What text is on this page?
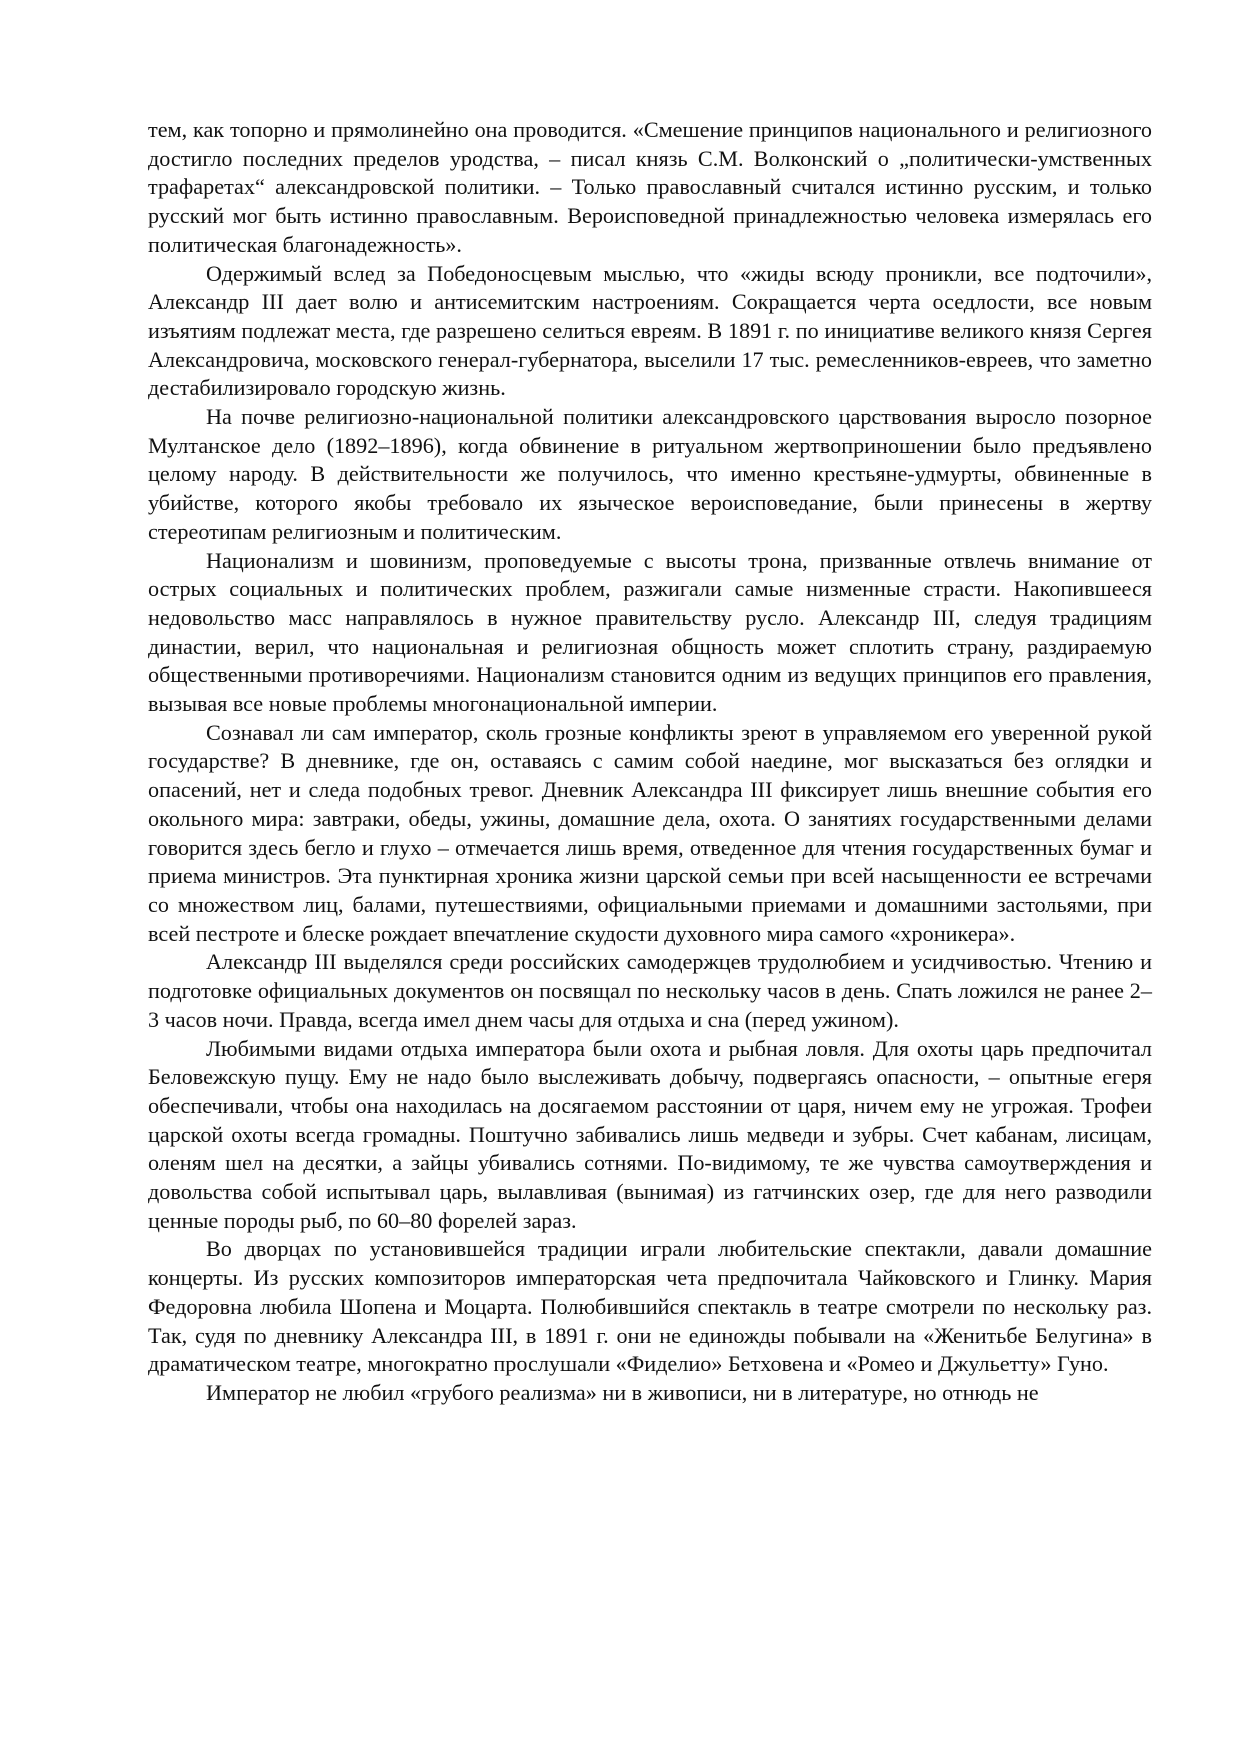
тем, как топорно и прямолинейно она проводится. «Смешение принципов национального и религиозного достигло последних пределов уродства, – писал князь С.М. Волконский о „политически-умственных трафаретах“ александровской политики. – Только православный считался истинно русским, и только русский мог быть истинно православным. Вероисповедной принадлежностью человека измерялась его политическая благонадежность».

Одержимый вслед за Победоносцевым мыслью, что «жиды всюду проникли, все подточили», Александр III дает волю и антисемитским настроениям. Сокращается черта оседлости, все новым изъятиям подлежат места, где разрешено селиться евреям. В 1891 г. по инициативе великого князя Сергея Александровича, московского генерал-губернатора, выселили 17 тыс. ремесленников-евреев, что заметно дестабилизировало городскую жизнь.

На почве религиозно-национальной политики александровского царствования выросло позорное Мултанское дело (1892–1896), когда обвинение в ритуальном жертвоприношении было предъявлено целому народу. В действительности же получилось, что именно крестьяне-удмурты, обвиненные в убийстве, которого якобы требовало их языческое вероисповедание, были принесены в жертву стереотипам религиозным и политическим.

Национализм и шовинизм, проповедуемые с высоты трона, призванные отвлечь внимание от острых социальных и политических проблем, разжигали самые низменные страсти. Накопившееся недовольство масс направлялось в нужное правительству русло. Александр III, следуя традициям династии, верил, что национальная и религиозная общность может сплотить страну, раздираемую общественными противоречиями. Национализм становится одним из ведущих принципов его правления, вызывая все новые проблемы многонациональной империи.

Сознавал ли сам император, сколь грозные конфликты зреют в управляемом его уверенной рукой государстве? В дневнике, где он, оставаясь с самим собой наедине, мог высказаться без оглядки и опасений, нет и следа подобных тревог. Дневник Александра III фиксирует лишь внешние события его окольного мира: завтраки, обеды, ужины, домашние дела, охота. О занятиях государственными делами говорится здесь бегло и глухо – отмечается лишь время, отведенное для чтения государственных бумаг и приема министров. Эта пунктирная хроника жизни царской семьи при всей насыщенности ее встречами со множеством лиц, балами, путешествиями, официальными приемами и домашними застольями, при всей пестроте и блеске рождает впечатление скудости духовного мира самого «хроникера».

Александр III выделялся среди российских самодержцев трудолюбием и усидчивостью. Чтению и подготовке официальных документов он посвящал по нескольку часов в день. Спать ложился не ранее 2–3 часов ночи. Правда, всегда имел днем часы для отдыха и сна (перед ужином).

Любимыми видами отдыха императора были охота и рыбная ловля. Для охоты царь предпочитал Беловежскую пущу. Ему не надо было выслеживать добычу, подвергаясь опасности, – опытные егеря обеспечивали, чтобы она находилась на досягаемом расстоянии от царя, ничем ему не угрожая. Трофеи царской охоты всегда громадны. Поштучно забивались лишь медведи и зубры. Счет кабанам, лисицам, оленям шел на десятки, а зайцы убивались сотнями. По-видимому, те же чувства самоутверждения и довольства собой испытывал царь, вылавливая (вынимая) из гатчинских озер, где для него разводили ценные породы рыб, по 60–80 форелей зараз.

Во дворцах по установившейся традиции играли любительские спектакли, давали домашние концерты. Из русских композиторов императорская чета предпочитала Чайковского и Глинку. Мария Федоровна любила Шопена и Моцарта. Полюбившийся спектакль в театре смотрели по нескольку раз. Так, судя по дневнику Александра III, в 1891 г. они не единожды побывали на «Женитьбе Белугина» в драматическом театре, многократно прослушали «Фиделио» Бетховена и «Ромео и Джульетту» Гуно.

Император не любил «грубого реализма» ни в живописи, ни в литературе, но отнюдь не
